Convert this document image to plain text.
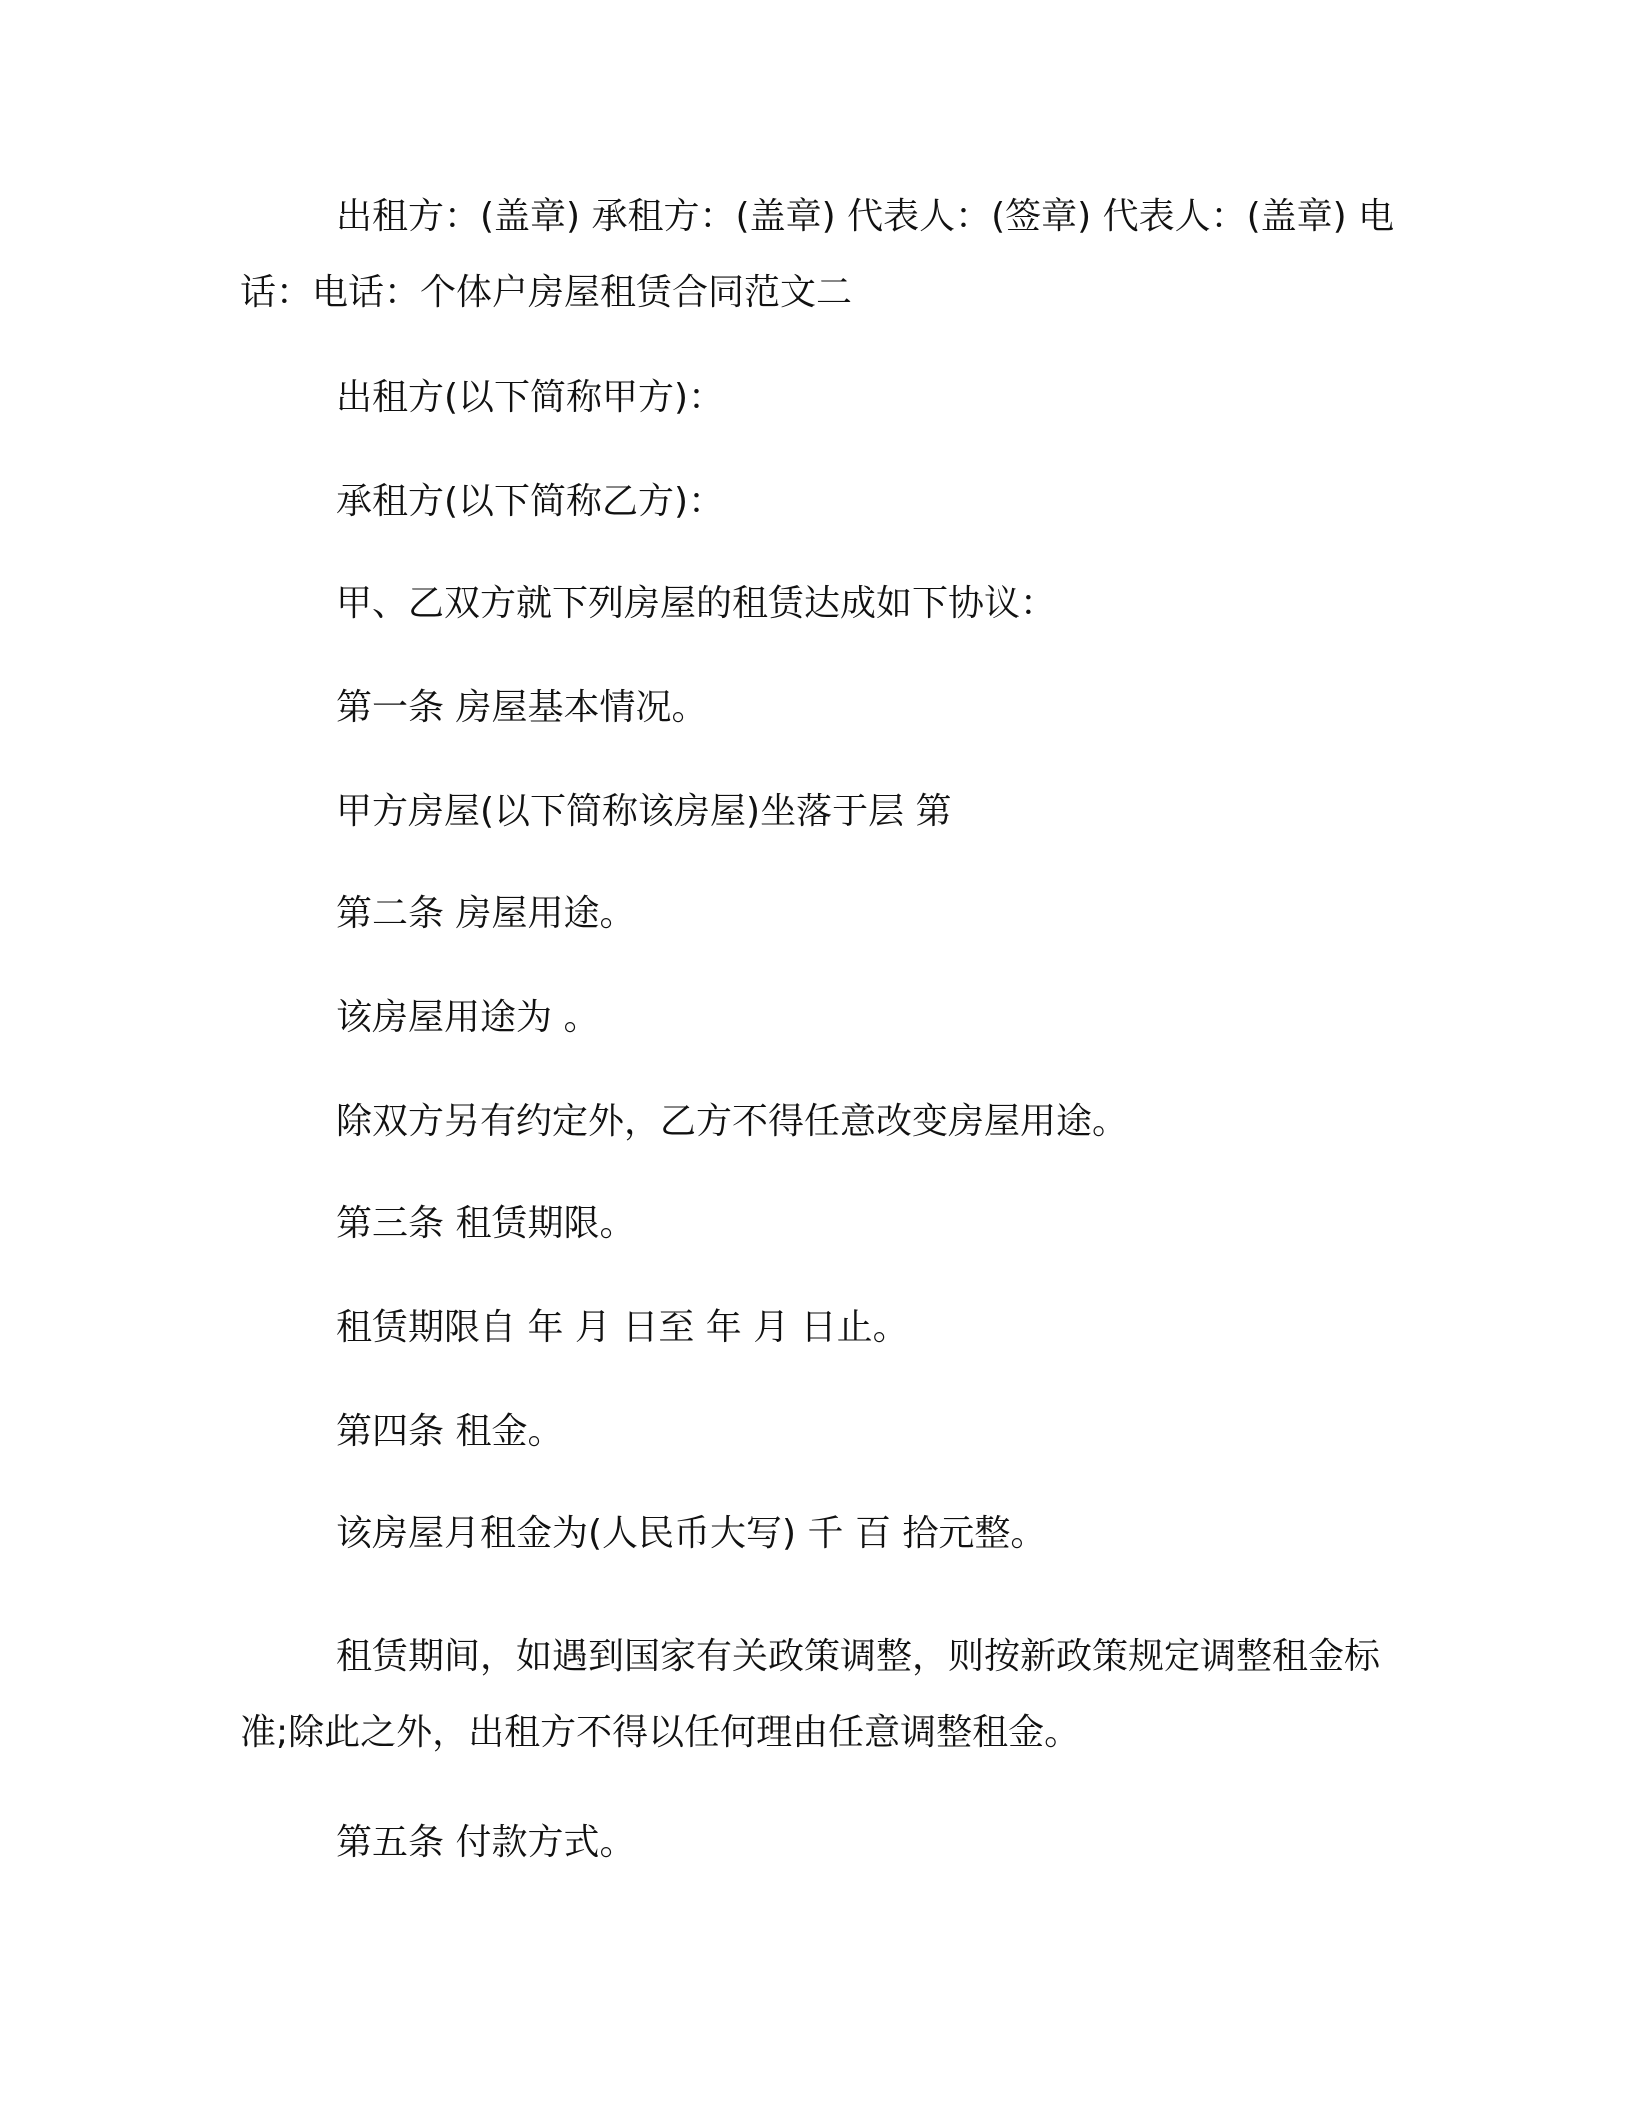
出租方：(盖章) 承租方：(盖章) 代表人：(签章) 代表人：(盖章) 电话：电话：个体户房屋租赁合同范文二

出租方(以下简称甲方)：

承租方(以下简称乙方)：

甲、乙双方就下列房屋的租赁达成如下协议：

第一条 房屋基本情况。

甲方房屋(以下简称该房屋)坐落于层 第

第二条 房屋用途。

该房屋用途为 。

除双方另有约定外，乙方不得任意改变房屋用途。

第三条 租赁期限。

租赁期限自 年 月 日至 年 月 日止。

第四条 租金。

该房屋月租金为(人民币大写) 千 百 拾元整。

租赁期间，如遇到国家有关政策调整，则按新政策规定调整租金标准;除此之外，出租方不得以任何理由任意调整租金。

第五条 付款方式。
